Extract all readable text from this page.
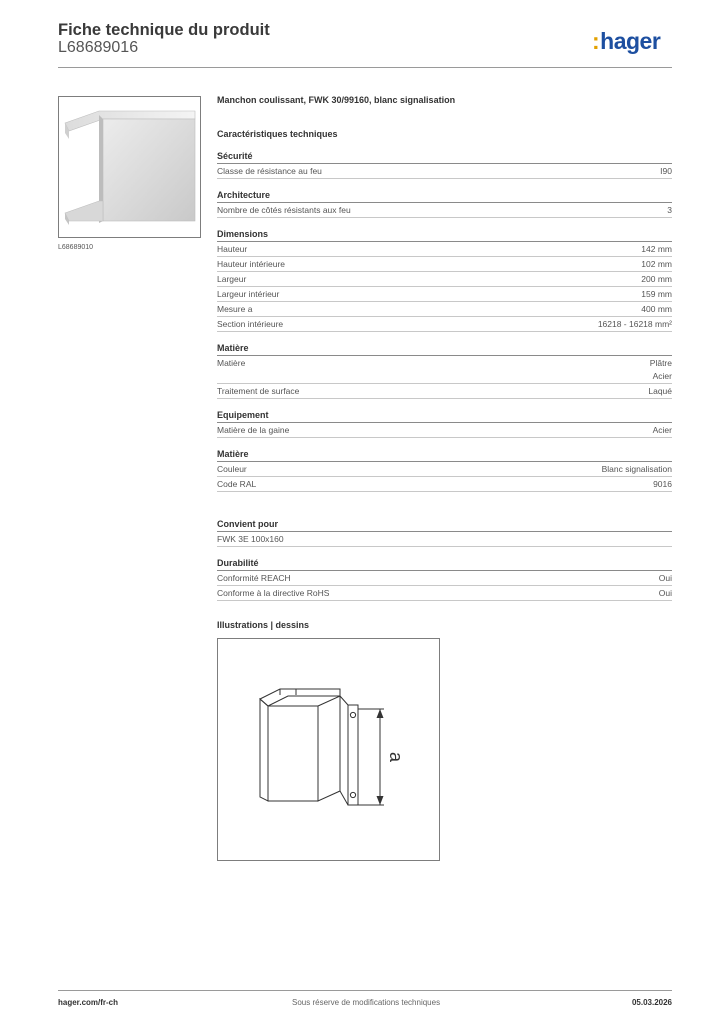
Fiche technique du produit
L68689016	:hager
L68689010
Manchon coulissant, FWK 30/99160, blanc signalisation
Caractéristiques techniques
Sécurité
Classe de résistance au feu	I90
Architecture
Nombre de côtés résistants aux feu	3
Dimensions
Hauteur	142 mm
Hauteur intérieure	102 mm
Largeur	200 mm
Largeur intérieur	159 mm
Mesure a	400 mm
Section intérieure	16218 - 16218 mm²
Matière
Matière	Plâtre
Acier
Traitement de surface	Laqué
Equipement
Matière de la gaine	Acier
Matière
Couleur	Blanc signalisation
Code RAL	9016
Convient pour
FWK 3E 100x160
Durabilité
Conformité REACH	Oui
Conforme à la directive RoHS	Oui
Illustrations | dessins
a
hager.com/fr-ch	Sous réserve de modifications techniques	05.03.2026
